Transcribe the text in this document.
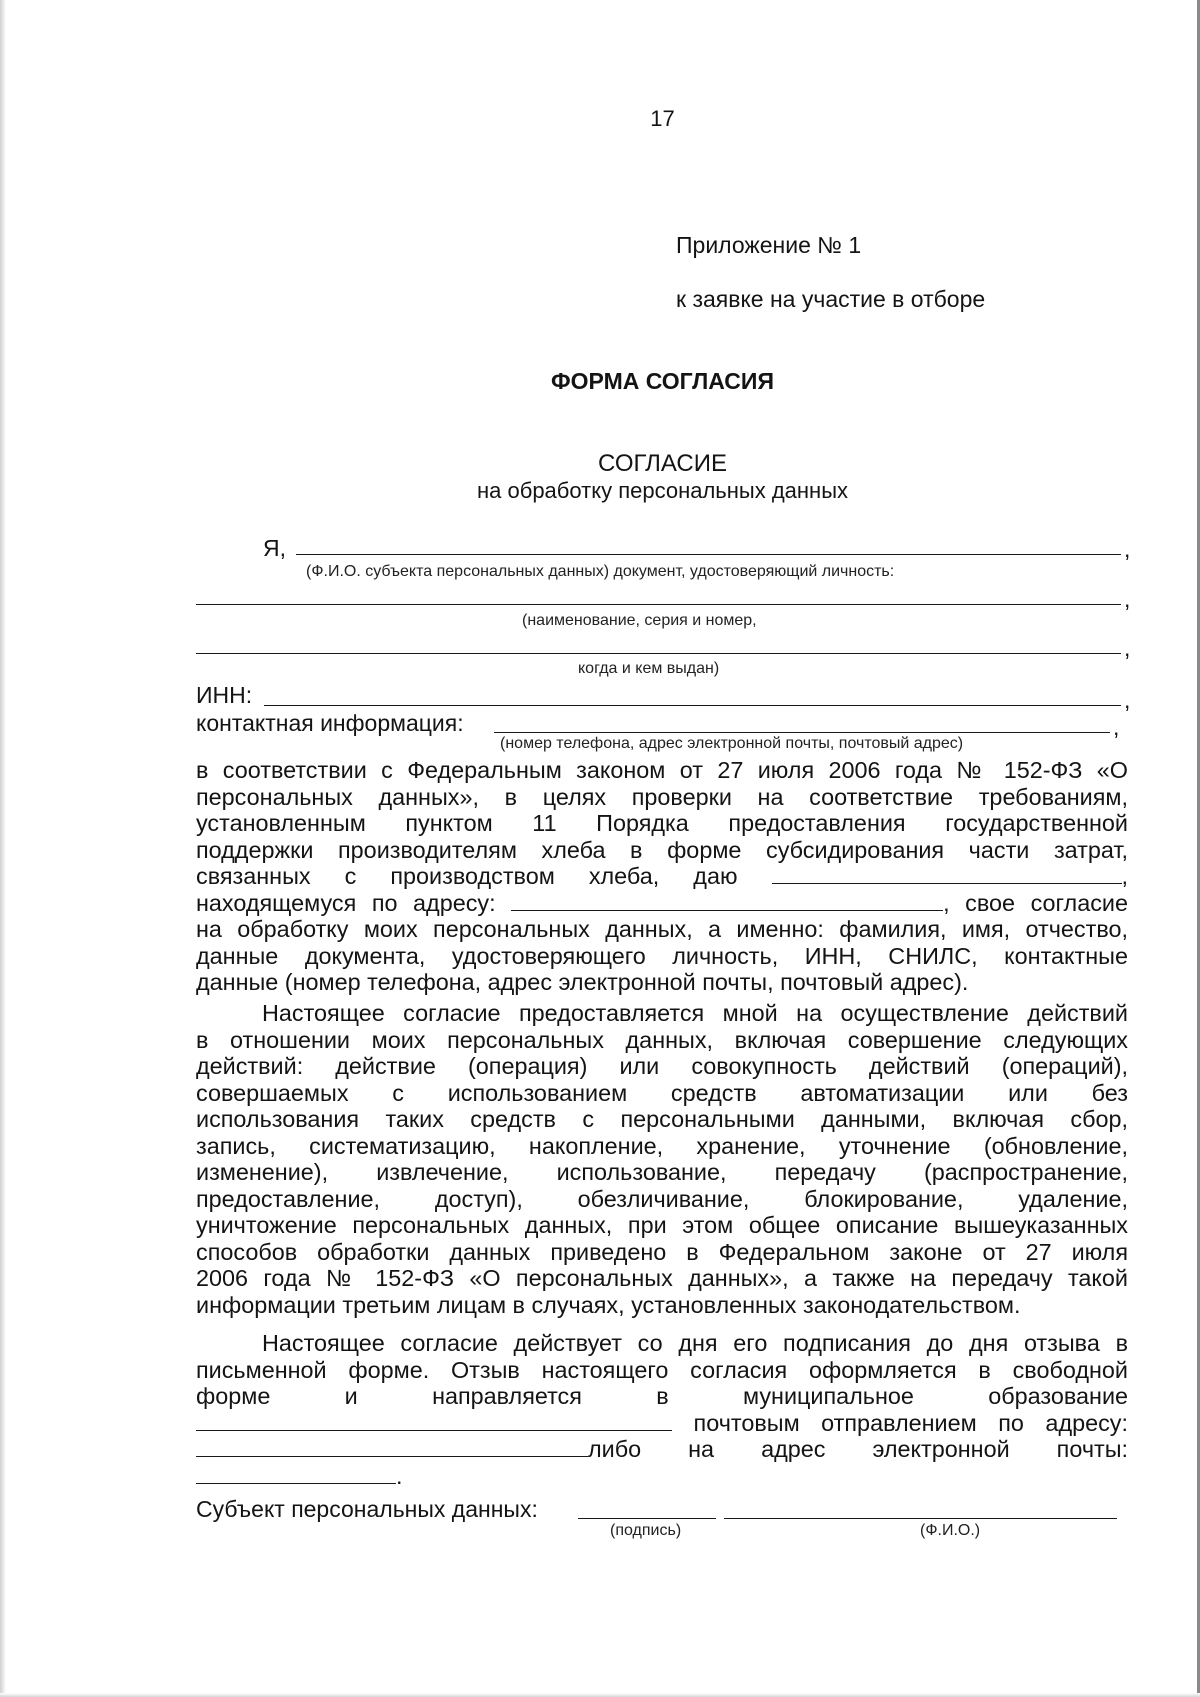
17
Приложение № 1
к заявке на участие в отборе
ФОРМА СОГЛАСИЯ
СОГЛАСИЕ
на обработку персональных данных
Я,	,
(Ф.И.О. субъекта персональных данных) документ, удостоверяющий личность:
,
(наименование, серия и номер,
,
когда и кем выдан)
ИНН:	,
контактная информация:	,
(номер телефона, адрес электронной почты, почтовый адрес)
в соответствии с Федеральным законом от 27 июля 2006 года № 152-ФЗ «О
персональных данных», в целях проверки на соответствие требованиям,
установленным пунктом 11 Порядка предоставления государственной
поддержки производителям хлеба в форме субсидирования части затрат,
связанных с производством хлеба, даю	,
находящемуся по адресу:	, свое согласие
на обработку моих персональных данных, а именно: фамилия, имя, отчество,
данные документа, удостоверяющего личность, ИНН, СНИЛС, контактные
данные (номер телефона, адрес электронной почты, почтовый адрес).
Настоящее согласие предоставляется мной на осуществление действий
в отношении моих персональных данных, включая совершение следующих
действий: действие (операция) или совокупность действий (операций),
совершаемых с использованием средств автоматизации или без
использования таких средств с персональными данными, включая сбор,
запись, систематизацию, накопление, хранение, уточнение (обновление,
изменение), извлечение, использование, передачу (распространение,
предоставление, доступ), обезличивание, блокирование, удаление,
уничтожение персональных данных, при этом общее описание вышеуказанных
способов обработки данных приведено в Федеральном законе от 27 июля
2006 года № 152-ФЗ «О персональных данных», а также на передачу такой
информации третьим лицам в случаях, установленных законодательством.
Настоящее согласие действует со дня его подписания до дня отзыва в
письменной форме. Отзыв настоящего согласия оформляется в свободной
форме	и	направляется	в	муниципальное	образование
почтовым отправлением по адресу:
либо на адрес электронной почты:
.
Субъект персональных данных:
(подпись)	(Ф.И.О.)
